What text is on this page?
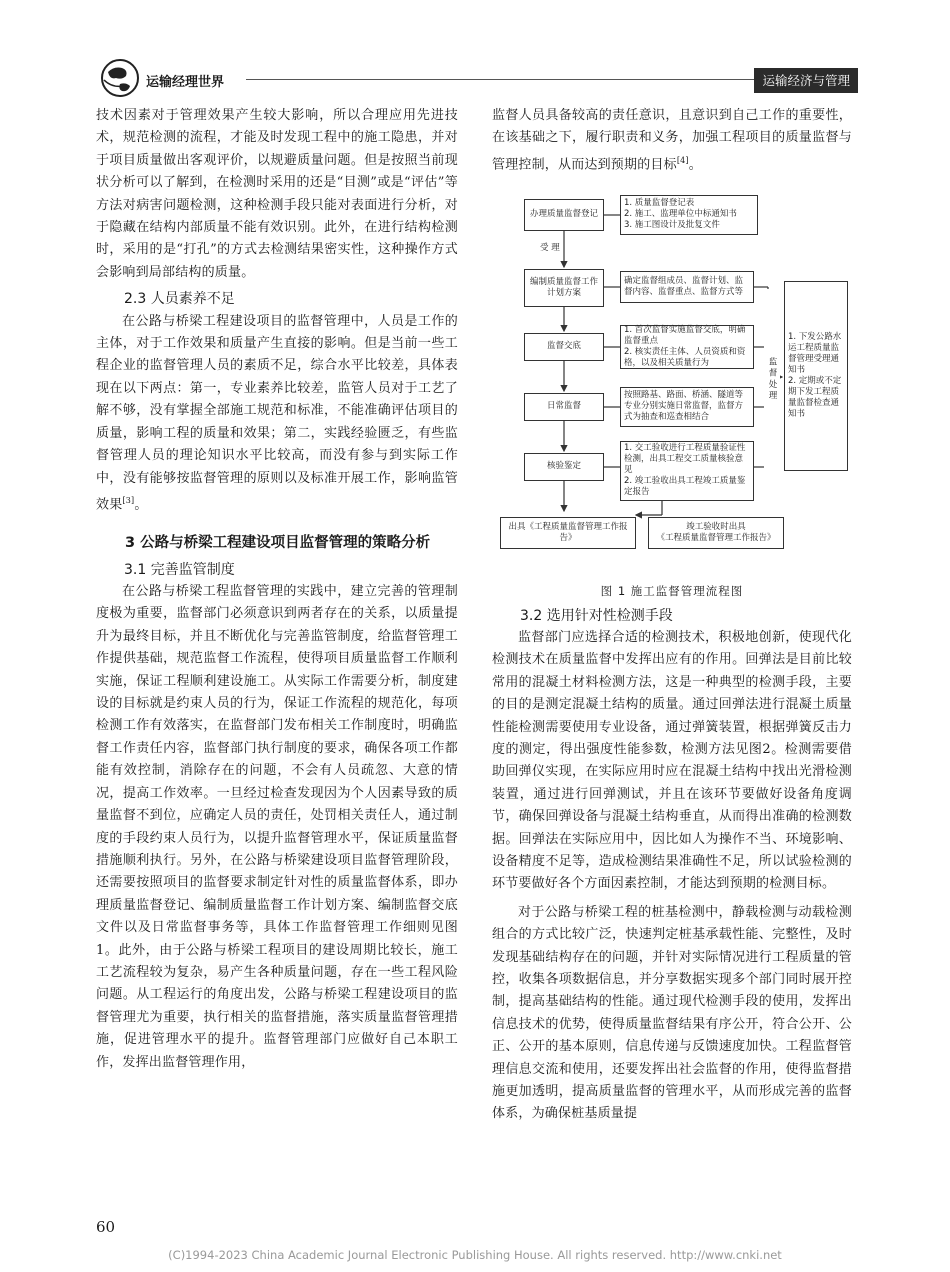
运输经理世界	运输经济与管理

技术因素对于管理效果产生较大影响，所以合理应用先进技术，规范检测的流程，才能及时发现工程中的施工隐患，并对于项目质量做出客观评价，以规避质量问题。但是按照当前现状分析可以了解到，在检测时采用的还是“目测”或是“评估”等方法对病害问题检测，这种检测手段只能对表面进行分析，对于隐藏在结构内部质量不能有效识别。此外，在进行结构检测时，采用的是“打孔”的方式去检测结果密实性，这种操作方式会影响到局部结构的质量。

2.3 人员素养不足

在公路与桥梁工程建设项目的监督管理中，人员是工作的主体，对于工作效果和质量产生直接的影响。但是当前一些工程企业的监督管理人员的素质不足，综合水平比较差，具体表现在以下两点：第一，专业素养比较差，监管人员对于工艺了解不够，没有掌握全部施工规范和标准，不能准确评估项目的质量，影响工程的质量和效果；第二，实践经验匮乏，有些监督管理人员的理论知识水平比较高，而没有参与到实际工作中，没有能够按监督管理的原则以及标准开展工作，影响监管效果[3]。

3 公路与桥梁工程建设项目监督管理的策略分析

3.1 完善监管制度

在公路与桥梁工程监督管理的实践中，建立完善的管理制度极为重要，监督部门必须意识到两者存在的关系，以质量提升为最终目标，并且不断优化与完善监管制度，给监督管理工作提供基础，规范监督工作流程，使得项目质量监督工作顺利实施，保证工程顺利建设施工。从实际工作需要分析，制度建设的目标就是约束人员的行为，保证工作流程的规范化，每项检测工作有效落实，在监督部门发布相关工作制度时，明确监督工作责任内容，监督部门执行制度的要求，确保各项工作都能有效控制，消除存在的问题，不会有人员疏忽、大意的情况，提高工作效率。一旦经过检查发现因为个人因素导致的质量监督不到位，应确定人员的责任，处罚相关责任人，通过制度的手段约束人员行为，以提升监督管理水平，保证质量监督措施顺利执行。另外，在公路与桥梁建设项目监督管理阶段，还需要按照项目的监督要求制定针对性的质量监督体系，即办理质量监督登记、编制质量监督工作计划方案、编制监督交底文件以及日常监督事务等，具体工作监督管理工作细则见图1。此外，由于公路与桥梁工程项目的建设周期比较长，施工工艺流程较为复杂，易产生各种质量问题，存在一些工程风险问题。从工程运行的角度出发，公路与桥梁工程建设项目的监督管理尤为重要，执行相关的监督措施，落实质量监督管理措施，促进管理水平的提升。监督管理部门应做好自己本职工作，发挥出监督管理作用，

监督人员具备较高的责任意识，且意识到自己工作的重要性，在该基础之下，履行职责和义务，加强工程项目的质量监督与管理控制，从而达到预期的目标[4]。

办理质量监督登记
1. 质量监督登记表
2. 施工、监理单位中标通知书
3. 施工图设计及批复文件
受 理
编制质量监督工作计划方案
确定监督组成员、监督计划、监督内容、监督重点、监督方式等
监督交底
1. 首次监督实施监督交底，明确监督重点
2. 核实责任主体、人员资质和资格，以及相关质量行为
日常监督
按照路基、路面、桥涵、隧道等专业分别实施日常监督，监督方式为抽查和巡查相结合
核验鉴定
1. 交工验收进行工程质量验证性检测，出具工程交工质量核验意见
2. 竣工验收出具工程竣工质量鉴定报告
监 督 处 理
1. 下发公路水运工程质量监督管理受理通知书
2. 定期或不定期下发工程质量监督检查通知书
出具《工程质量监督管理工作报告》
竣工验收时出具
《工程质量监督管理工作报告》

图 1 施工监督管理流程图

3.2 选用针对性检测手段

监督部门应选择合适的检测技术，积极地创新，使现代化检测技术在质量监督中发挥出应有的作用。回弹法是目前比较常用的混凝土材料检测方法，这是一种典型的检测手段，主要的目的是测定混凝土结构的质量。通过回弹法进行混凝土质量性能检测需要使用专业设备，通过弹簧装置，根据弹簧反击力度的测定，得出强度性能参数，检测方法见图2。检测需要借助回弹仪实现，在实际应用时应在混凝土结构中找出光滑检测装置，通过进行回弹测试，并且在该环节要做好设备角度调节，确保回弹设备与混凝土结构垂直，从而得出准确的检测数据。回弹法在实际应用中，因比如人为操作不当、环境影响、设备精度不足等，造成检测结果准确性不足，所以试验检测的环节要做好各个方面因素控制，才能达到预期的检测目标。

对于公路与桥梁工程的桩基检测中，静载检测与动载检测组合的方式比较广泛，快速判定桩基承载性能、完整性，及时发现基础结构存在的问题，并针对实际情况进行工程质量的管控，收集各项数据信息，并分享数据实现多个部门同时展开控制，提高基础结构的性能。通过现代检测手段的使用，发挥出信息技术的优势，使得质量监督结果有序公开，符合公开、公正、公开的基本原则，信息传递与反馈速度加快。工程监督管理信息交流和使用，还要发挥出社会监督的作用，使得监督措施更加透明，提高质量监督的管理水平，从而形成完善的监督体系，为确保桩基质量提

60
(C)1994-2023 China Academic Journal Electronic Publishing House. All rights reserved. http://www.cnki.net
